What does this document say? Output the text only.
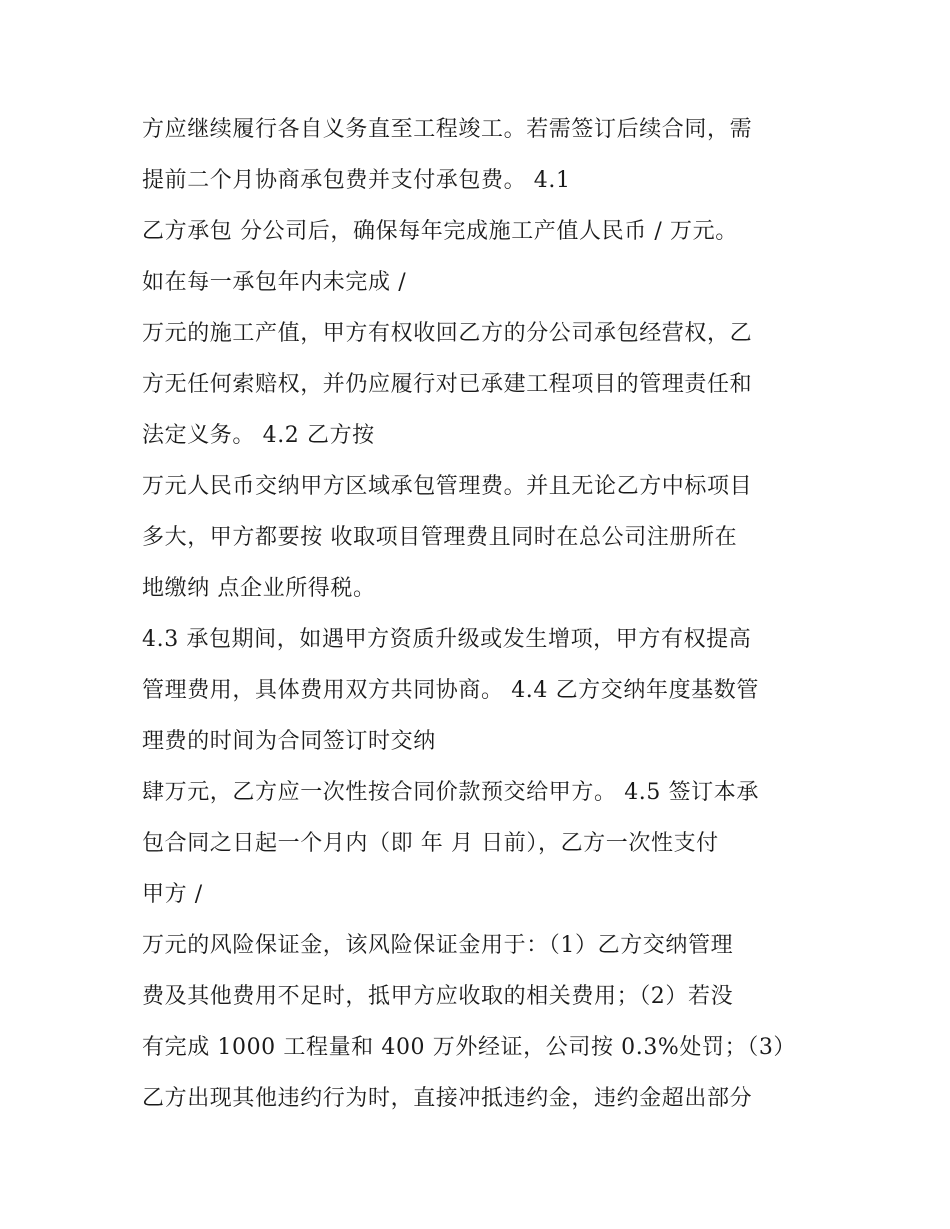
方应继续履行各自义务直至工程竣工。若需签订后续合同，需
提前二个月协商承包费并支付承包费。 4.1
乙方承包 分公司后，确保每年完成施工产值人民币 / 万元。
如在每一承包年内未完成 /
万元的施工产值，甲方有权收回乙方的分公司承包经营权，乙
方无任何索赔权，并仍应履行对已承建工程项目的管理责任和
法定义务。 4.2 乙方按
万元人民币交纳甲方区域承包管理费。并且无论乙方中标项目
多大，甲方都要按 收取项目管理费且同时在总公司注册所在
地缴纳 点企业所得税。
4.3 承包期间，如遇甲方资质升级或发生增项，甲方有权提高
管理费用，具体费用双方共同协商。 4.4 乙方交纳年度基数管
理费的时间为合同签订时交纳
肆万元，乙方应一次性按合同价款预交给甲方。 4.5 签订本承
包合同之日起一个月内（即 年 月 日前），乙方一次性支付
甲方 /
万元的风险保证金，该风险保证金用于：（1）乙方交纳管理
费及其他费用不足时，抵甲方应收取的相关费用；（2）若没
有完成 1000 工程量和 400 万外经证，公司按 0.3%处罚；（3）
乙方出现其他违约行为时，直接冲抵违约金，违约金超出部分
